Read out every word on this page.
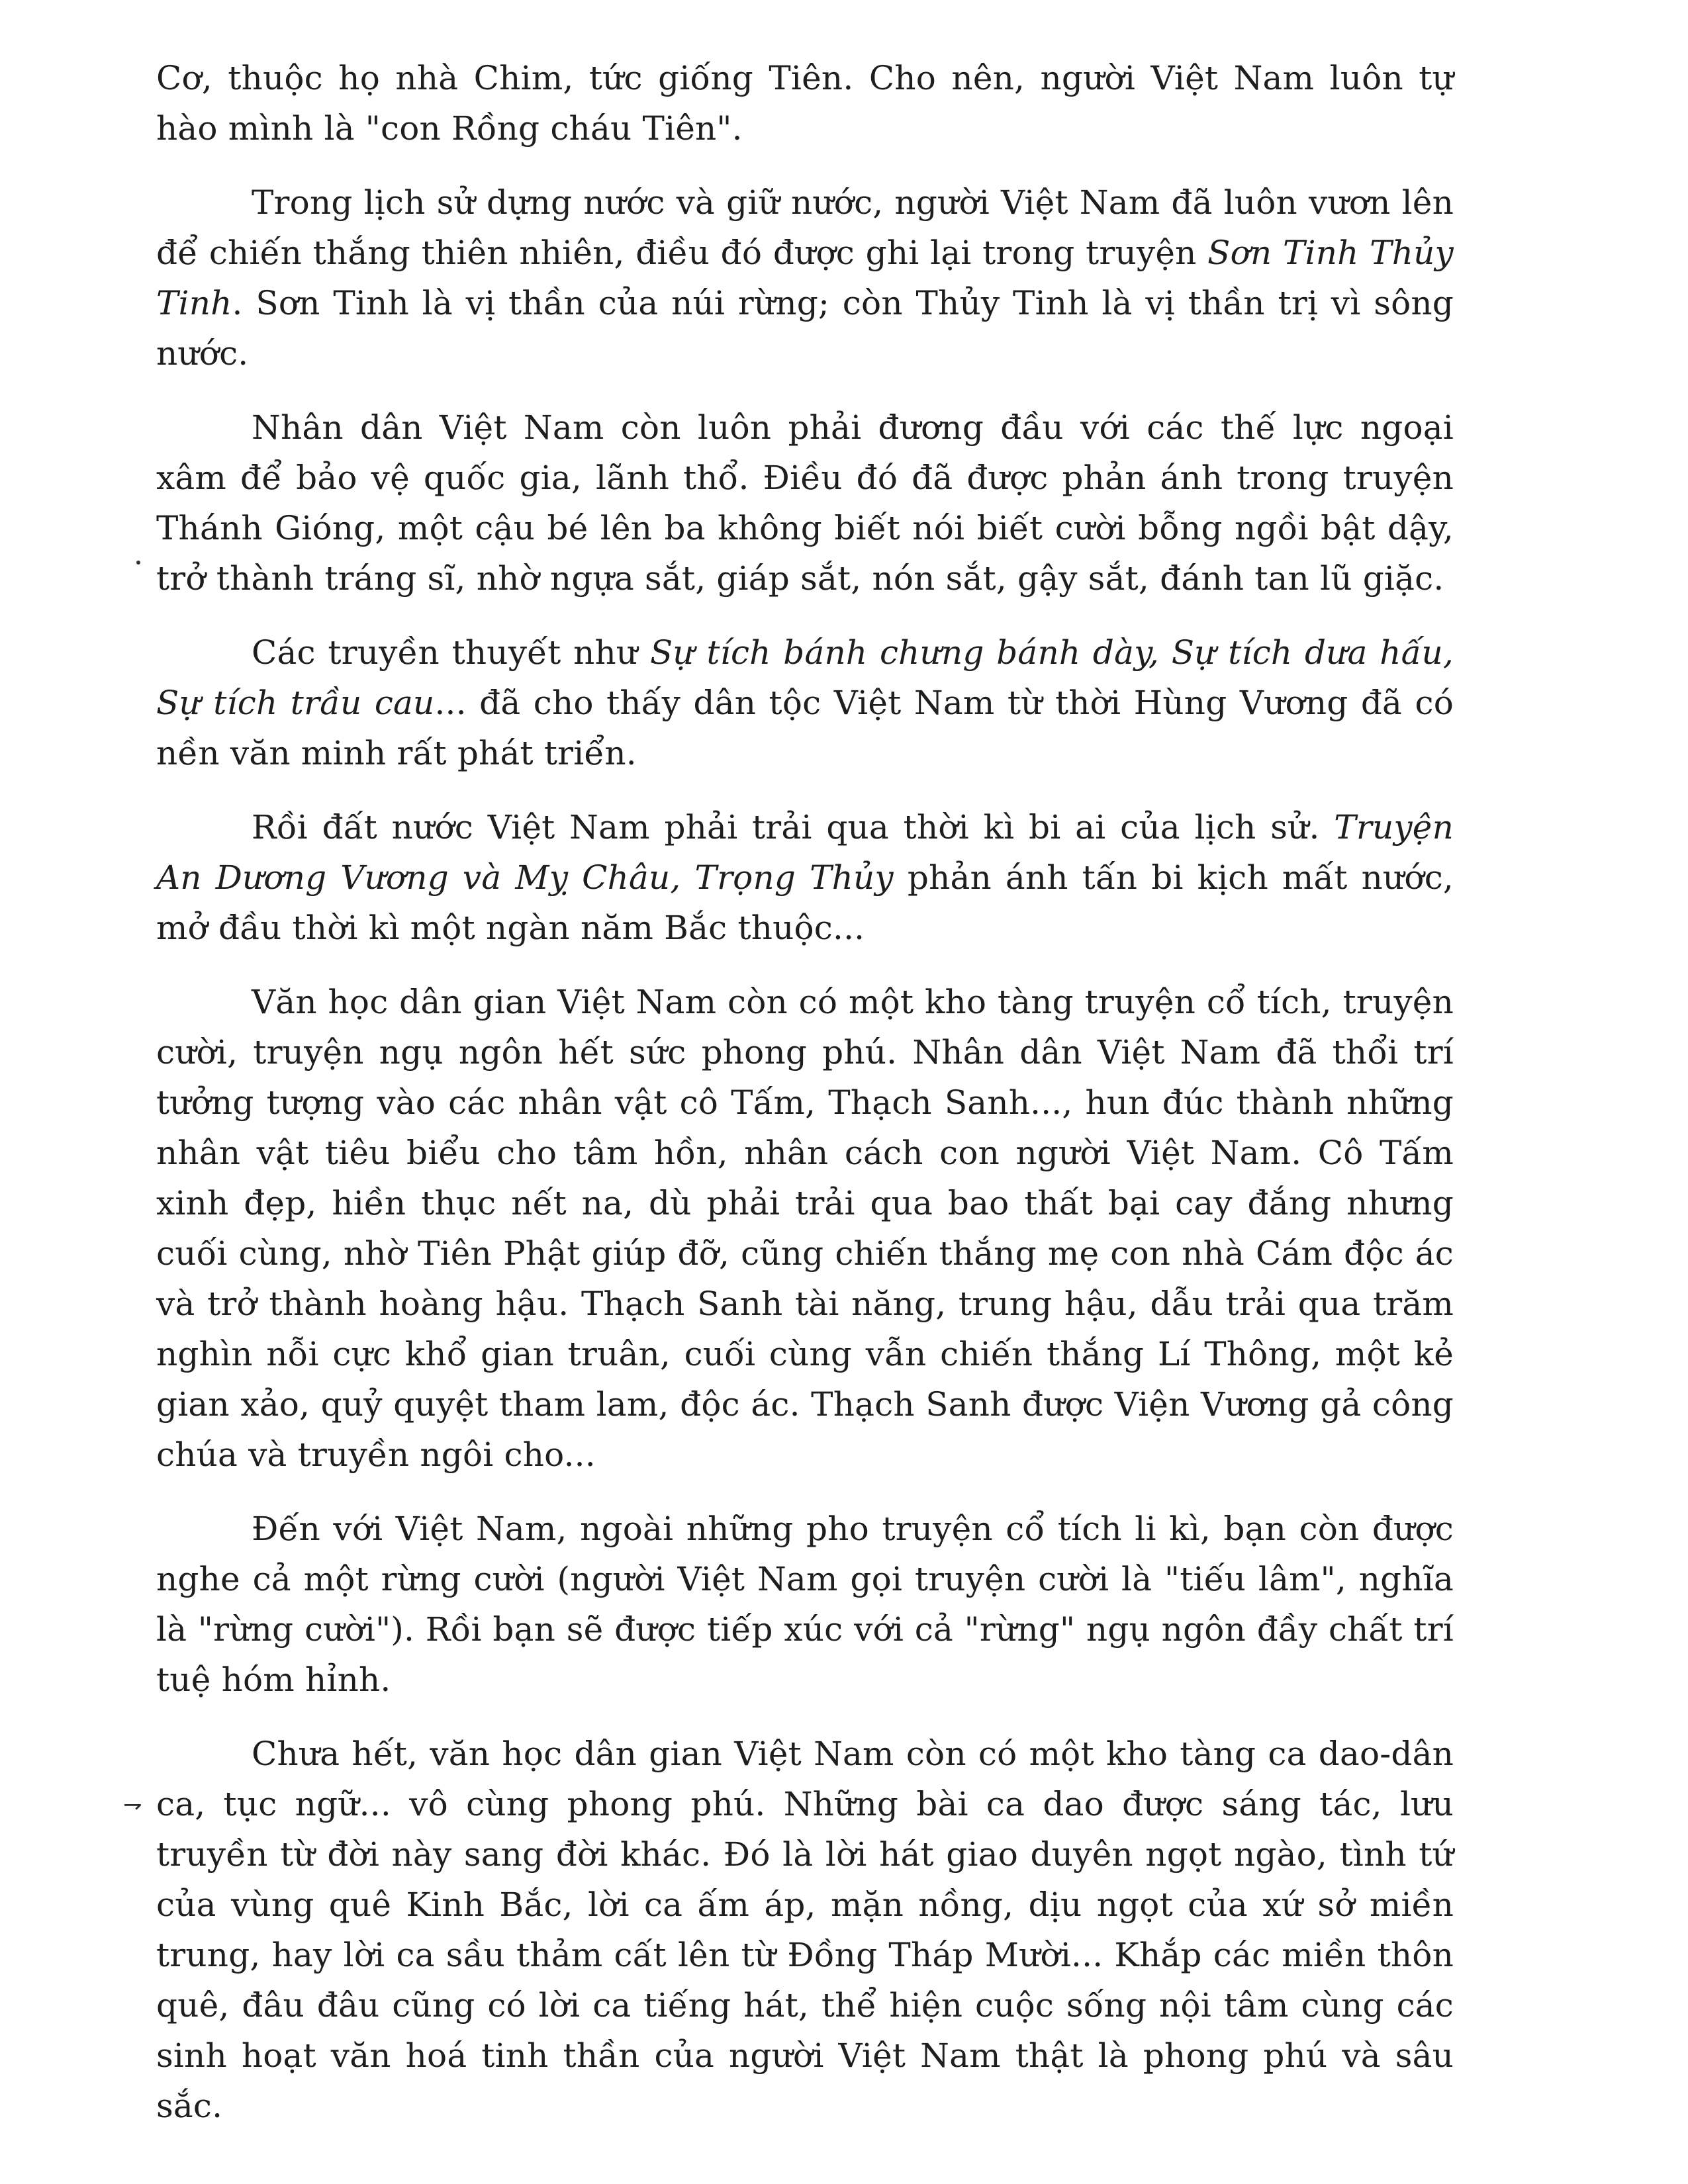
Cơ, thuộc họ nhà Chim, tức giống Tiên. Cho nên, người Việt Nam luôn tự hào mình là "con Rồng cháu Tiên".

Trong lịch sử dựng nước và giữ nước, người Việt Nam đã luôn vươn lên để chiến thắng thiên nhiên, điều đó được ghi lại trong truyện Sơn Tinh Thủy Tinh. Sơn Tinh là vị thần của núi rừng; còn Thủy Tinh là vị thần trị vì sông nước.

Nhân dân Việt Nam còn luôn phải đương đầu với các thế lực ngoại xâm để bảo vệ quốc gia, lãnh thổ. Điều đó đã được phản ánh trong truyện Thánh Gióng, một cậu bé lên ba không biết nói biết cười bỗng ngồi bật dậy, trở thành tráng sĩ, nhờ ngựa sắt, giáp sắt, nón sắt, gậy sắt, đánh tan lũ giặc.

Các truyền thuyết như Sự tích bánh chưng bánh dày, Sự tích dưa hấu, Sự tích trầu cau... đã cho thấy dân tộc Việt Nam từ thời Hùng Vương đã có nền văn minh rất phát triển.

Rồi đất nước Việt Nam phải trải qua thời kì bi ai của lịch sử. Truyện An Dương Vương và Mỵ Châu, Trọng Thủy phản ánh tấn bi kịch mất nước, mở đầu thời kì một ngàn năm Bắc thuộc...

Văn học dân gian Việt Nam còn có một kho tàng truyện cổ tích, truyện cười, truyện ngụ ngôn hết sức phong phú. Nhân dân Việt Nam đã thổi trí tưởng tượng vào các nhân vật cô Tấm, Thạch Sanh..., hun đúc thành những nhân vật tiêu biểu cho tâm hồn, nhân cách con người Việt Nam. Cô Tấm xinh đẹp, hiền thục nết na, dù phải trải qua bao thất bại cay đắng nhưng cuối cùng, nhờ Tiên Phật giúp đỡ, cũng chiến thắng mẹ con nhà Cám độc ác và trở thành hoàng hậu. Thạch Sanh tài năng, trung hậu, dẫu trải qua trăm nghìn nỗi cực khổ gian truân, cuối cùng vẫn chiến thắng Lí Thông, một kẻ gian xảo, quỷ quyệt tham lam, độc ác. Thạch Sanh được Viện Vương gả công chúa và truyền ngôi cho...

Đến với Việt Nam, ngoài những pho truyện cổ tích li kì, bạn còn được nghe cả một rừng cười (người Việt Nam gọi truyện cười là "tiếu lâm", nghĩa là "rừng cười"). Rồi bạn sẽ được tiếp xúc với cả "rừng" ngụ ngôn đầy chất trí tuệ hóm hỉnh.

Chưa hết, văn học dân gian Việt Nam còn có một kho tàng ca dao-dân ca, tục ngữ... vô cùng phong phú. Những bài ca dao được sáng tác, lưu truyền từ đời này sang đời khác. Đó là lời hát giao duyên ngọt ngào, tình tứ của vùng quê Kinh Bắc, lời ca ấm áp, mặn nồng, dịu ngọt của xứ sở miền trung, hay lời ca sầu thảm cất lên từ Đồng Tháp Mười... Khắp các miền thôn quê, đâu đâu cũng có lời ca tiếng hát, thể hiện cuộc sống nội tâm cùng các sinh hoạt văn hoá tinh thần của người Việt Nam thật là phong phú và sâu sắc.

⇁
